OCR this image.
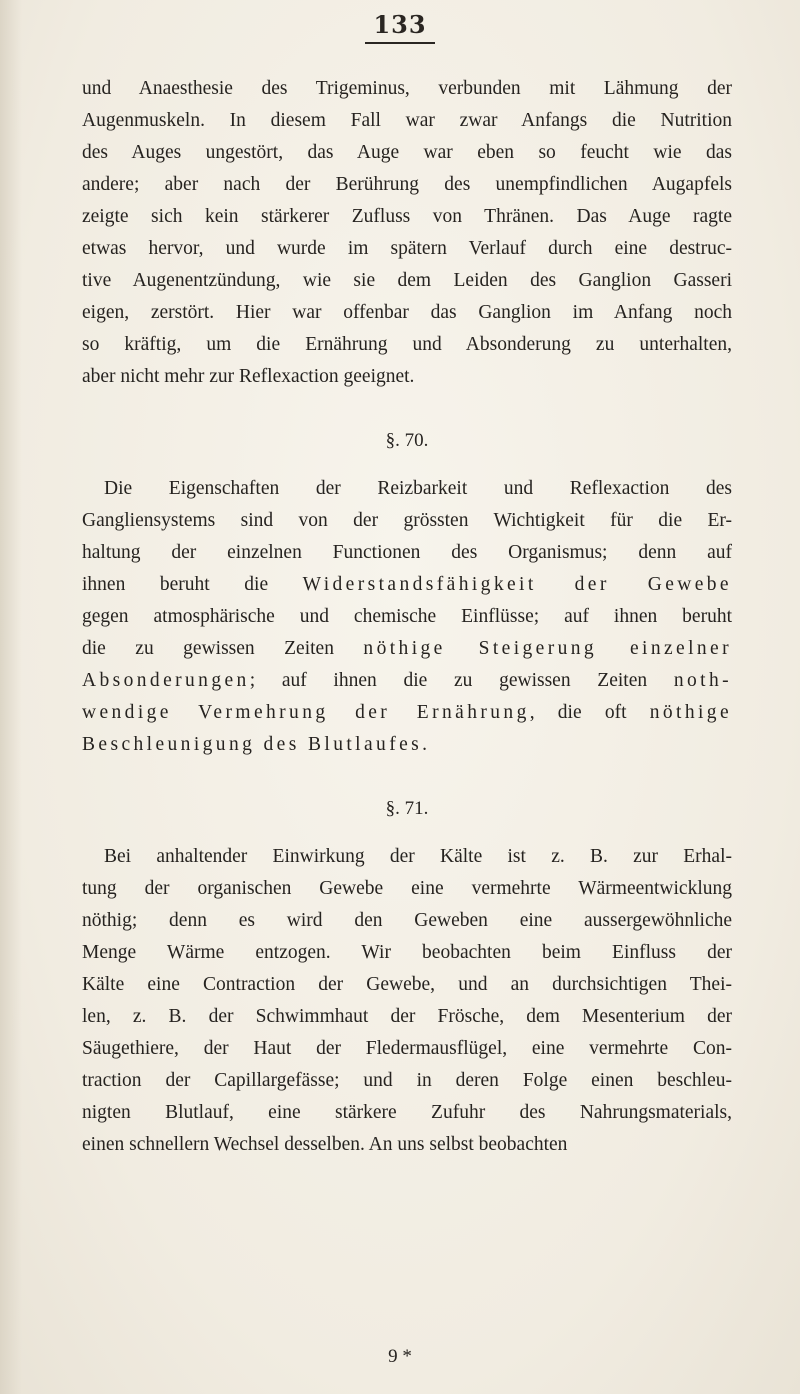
133
und Anaesthesie des Trigeminus, verbunden mit Lähmung der
Augenmuskeln. In diesem Fall war zwar Anfangs die Nutrition
des Auges ungestört, das Auge war eben so feucht wie das
andere; aber nach der Berührung des unempfindlichen Augapfels
zeigte sich kein stärkerer Zufluss von Thränen. Das Auge ragte
etwas hervor, und wurde im spätern Verlauf durch eine destruc-
tive Augenentzündung, wie sie dem Leiden des Ganglion Gasseri
eigen, zerstört. Hier war offenbar das Ganglion im Anfang noch
so kräftig, um die Ernährung und Absonderung zu unterhalten,
aber nicht mehr zur Reflexaction geeignet.
§. 70.
Die Eigenschaften der Reizbarkeit und Reflexaction des
Gangliensystems sind von der grössten Wichtigkeit für die Er-
haltung der einzelnen Functionen des Organismus; denn auf
ihnen beruht die Widerstandsfähigkeit der Gewebe
gegen atmosphärische und chemische Einflüsse; auf ihnen beruht
die zu gewissen Zeiten nöthige Steigerung einzelner
Absonderungen; auf ihnen die zu gewissen Zeiten noth-
wendige Vermehrung der Ernährung, die oft nöthige
Beschleunigung des Blutlaufes.
§. 71.
Bei anhaltender Einwirkung der Kälte ist z. B. zur Erhal-
tung der organischen Gewebe eine vermehrte Wärmeentwicklung
nöthig; denn es wird den Geweben eine aussergewöhnliche
Menge Wärme entzogen. Wir beobachten beim Einfluss der
Kälte eine Contraction der Gewebe, und an durchsichtigen Thei-
len, z. B. der Schwimmhaut der Frösche, dem Mesenterium der
Säugethiere, der Haut der Fledermausflügel, eine vermehrte Con-
traction der Capillargefässe; und in deren Folge einen beschleu-
nigten Blutlauf, eine stärkere Zufuhr des Nahrungsmaterials,
einen schnellern Wechsel desselben. An uns selbst beobachten
9 *
